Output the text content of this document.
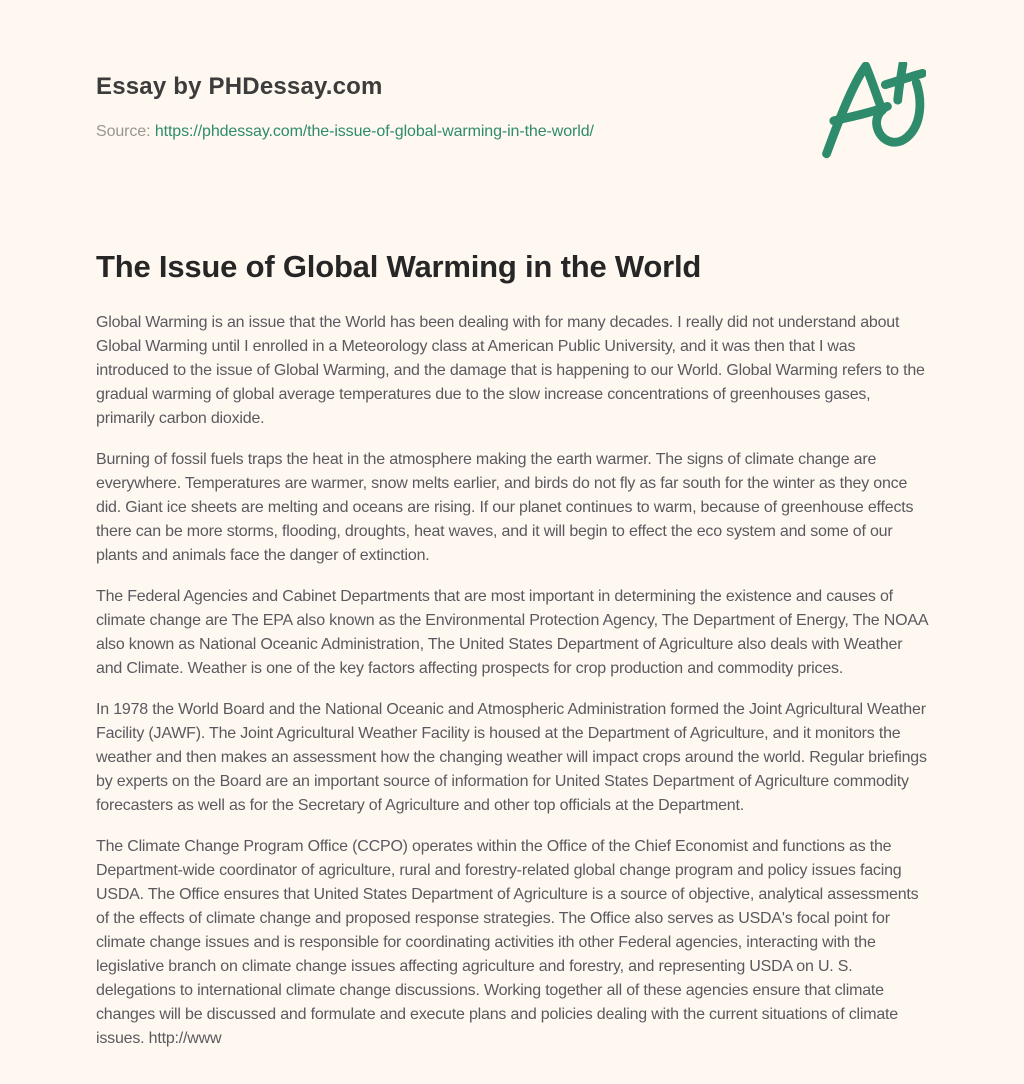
Essay by PHDessay.com
Source: https://phdessay.com/the-issue-of-global-warming-in-the-world/
The Issue of Global Warming in the World

Global Warming is an issue that the World has been dealing with for many decades. I really did not understand about Global Warming until I enrolled in a Meteorology class at American Public University, and it was then that I was introduced to the issue of Global Warming, and the damage that is happening to our World. Global Warming refers to the gradual warming of global average temperatures due to the slow increase concentrations of greenhouses gases, primarily carbon dioxide.

Burning of fossil fuels traps the heat in the atmosphere making the earth warmer. The signs of climate change are everywhere. Temperatures are warmer, snow melts earlier, and birds do not fly as far south for the winter as they once did. Giant ice sheets are melting and oceans are rising. If our planet continues to warm, because of greenhouse effects there can be more storms, flooding, droughts, heat waves, and it will begin to effect the eco system and some of our plants and animals face the danger of extinction.

The Federal Agencies and Cabinet Departments that are most important in determining the existence and causes of climate change are The EPA also known as the Environmental Protection Agency, The Department of Energy, The NOAA also known as National Oceanic Administration, The United States Department of Agriculture also deals with Weather and Climate. Weather is one of the key factors affecting prospects for crop production and commodity prices.

In 1978 the World Board and the National Oceanic and Atmospheric Administration formed the Joint Agricultural Weather Facility (JAWF). The Joint Agricultural Weather Facility is housed at the Department of Agriculture, and it monitors the weather and then makes an assessment how the changing weather will impact crops around the world. Regular briefings by experts on the Board are an important source of information for United States Department of Agriculture commodity forecasters as well as for the Secretary of Agriculture and other top officials at the Department.

The Climate Change Program Office (CCPO) operates within the Office of the Chief Economist and functions as the Department-wide coordinator of agriculture, rural and forestry-related global change program and policy issues facing USDA. The Office ensures that United States Department of Agriculture is a source of objective, analytical assessments of the effects of climate change and proposed response strategies. The Office also serves as USDA's focal point for climate change issues and is responsible for coordinating activities ith other Federal agencies, interacting with the legislative branch on climate change issues affecting agriculture and forestry, and representing USDA on U. S. delegations to international climate change discussions. Working together all of these agencies ensure that climate changes will be discussed and formulate and execute plans and policies dealing with the current situations of climate issues. http://www
